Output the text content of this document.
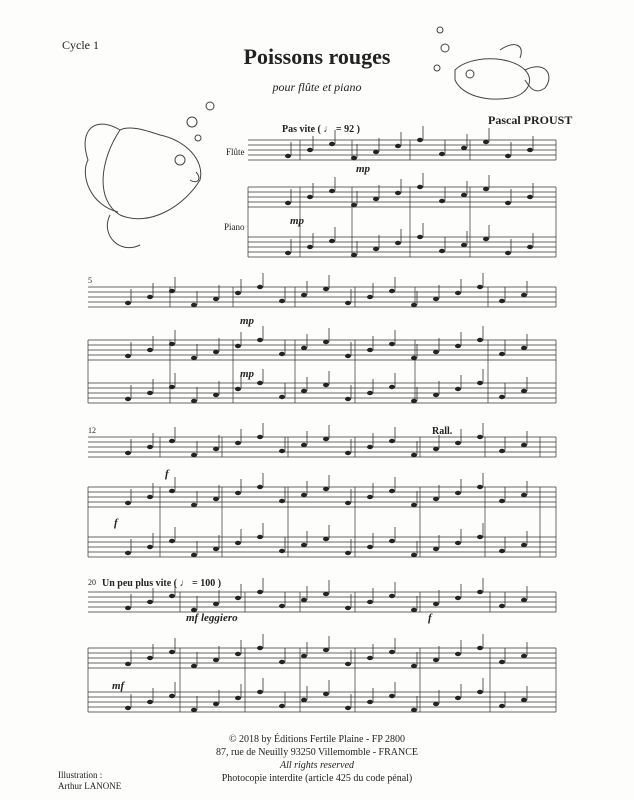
Cycle 1	Poissons rouges
pour flûte et piano
Pascal PROUST
Pas vite ( ♩ = 92 )
Flûte
Piano
mp
mp
5
mp
mp
12	Rall.
f
f
20 Un peu plus vite ( ♩ = 100 )
mf leggiero	f
mf
© 2018 by Éditions Fertile Plaine - FP 2800
87, rue de Neuilly 93250 Villemomble - FRANCE
All rights reserved
Photocopie interdite (article 425 du code pénal)
Illustration :
Arthur LANONE
